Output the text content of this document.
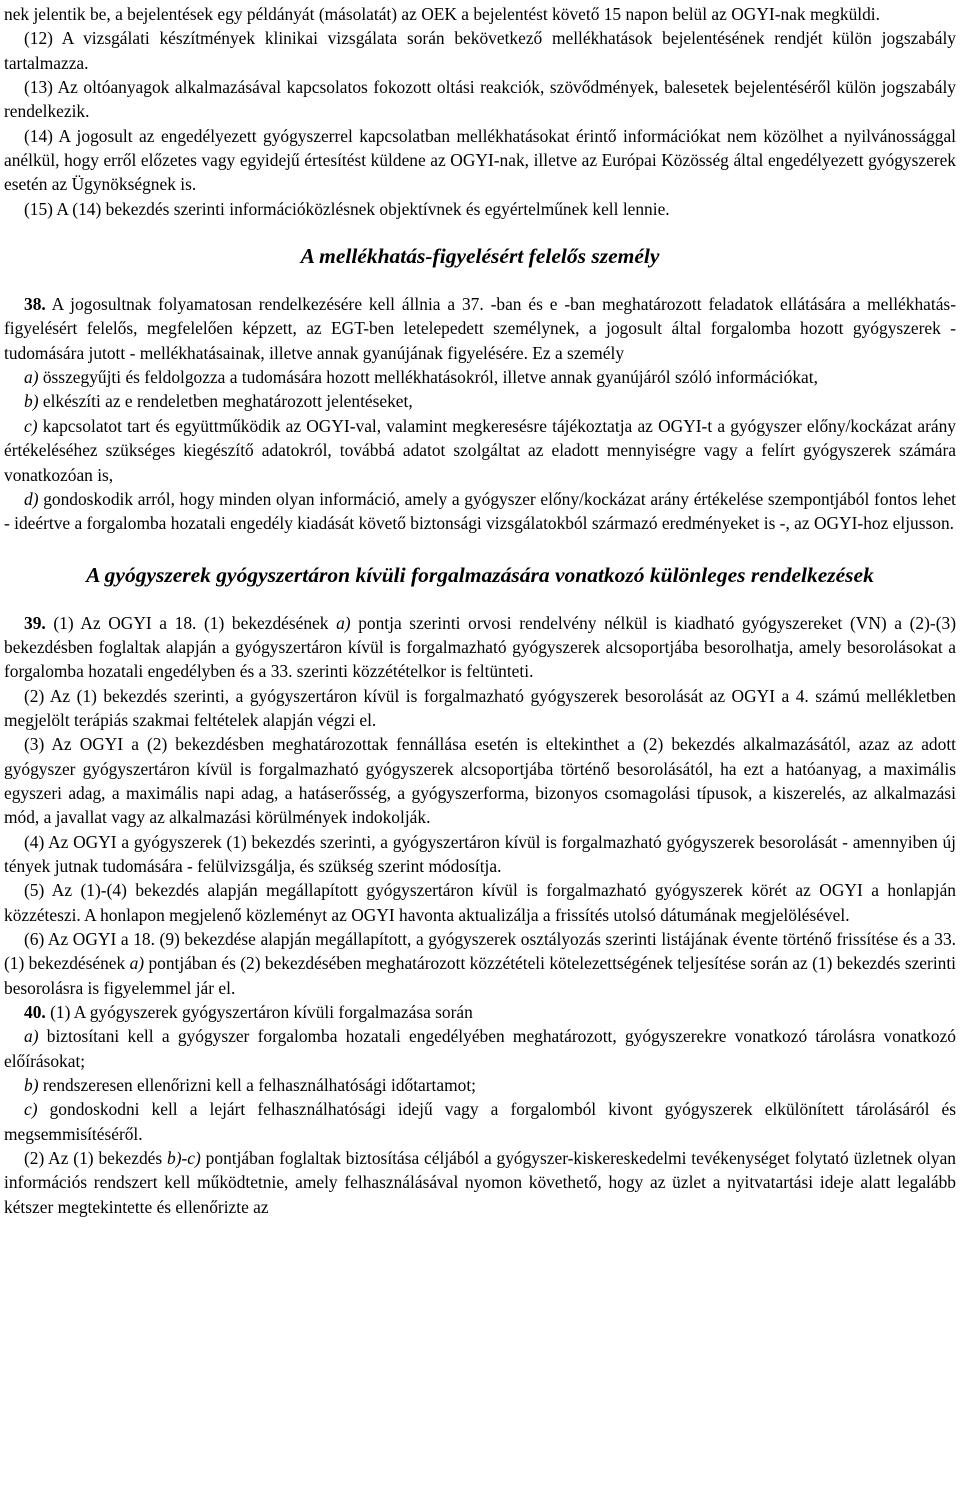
nek jelentik be, a bejelentések egy példányát (másolatát) az OEK a bejelentést követő 15 napon belül az OGYI-nak megküldi.

(12) A vizsgálati készítmények klinikai vizsgálata során bekövetkező mellékhatások bejelentésének rendjét külön jogszabály tartalmazza.

(13) Az oltóanyagok alkalmazásával kapcsolatos fokozott oltási reakciók, szövődmények, balesetek bejelentéséről külön jogszabály rendelkezik.

(14) A jogosult az engedélyezett gyógyszerrel kapcsolatban mellékhatásokat érintő információkat nem közölhet a nyilvánossággal anélkül, hogy erről előzetes vagy egyidejű értesítést küldene az OGYI-nak, illetve az Európai Közösség által engedélyezett gyógyszerek esetén az Ügynökségnek is.

(15) A (14) bekezdés szerinti információközlésnek objektívnek és egyértelműnek kell lennie.

A mellékhatás-figyelésért felelős személy

38. A jogosultnak folyamatosan rendelkezésére kell állnia a 37. -ban és e -ban meghatározott feladatok ellátására a mellékhatás-figyelésért felelős, megfelelően képzett, az EGT-ben letelepedett személynek, a jogosult által forgalomba hozott gyógyszerek - tudomására jutott - mellékhatásainak, illetve annak gyanújának figyelésére. Ez a személy

a) összegyűjti és feldolgozza a tudomására hozott mellékhatásokról, illetve annak gyanújáról szóló információkat,

b) elkészíti az e rendeletben meghatározott jelentéseket,

c) kapcsolatot tart és együttműködik az OGYI-val, valamint megkeresésre tájékoztatja az OGYI-t a gyógyszer előny/kockázat arány értékeléséhez szükséges kiegészítő adatokról, továbbá adatot szolgáltat az eladott mennyiségre vagy a felírt gyógyszerek számára vonatkozóan is,

d) gondoskodik arról, hogy minden olyan információ, amely a gyógyszer előny/kockázat arány értékelése szempontjából fontos lehet - ideértve a forgalomba hozatali engedély kiadását követő biztonsági vizsgálatokból származó eredményeket is -, az OGYI-hoz eljusson.

A gyógyszerek gyógyszertáron kívüli forgalmazására vonatkozó különleges rendelkezések

39. (1) Az OGYI a 18. (1) bekezdésének a) pontja szerinti orvosi rendelvény nélkül is kiadható gyógyszereket (VN) a (2)-(3) bekezdésben foglaltak alapján a gyógyszertáron kívül is forgalmazható gyógyszerek alcsoportjába besorolhatja, amely besorolásokat a forgalomba hozatali engedélyben és a 33. szerinti közzétételkor is feltünteti.

(2) Az (1) bekezdés szerinti, a gyógyszertáron kívül is forgalmazható gyógyszerek besorolását az OGYI a 4. számú mellékletben megjelölt terápiás szakmai feltételek alapján végzi el.

(3) Az OGYI a (2) bekezdésben meghatározottak fennállása esetén is eltekinthet a (2) bekezdés alkalmazásától, azaz az adott gyógyszer gyógyszertáron kívül is forgalmazható gyógyszerek alcsoportjába történő besorolásától, ha ezt a hatóanyag, a maximális egyszeri adag, a maximális napi adag, a hatáserősség, a gyógyszerforma, bizonyos csomagolási típusok, a kiszerelés, az alkalmazási mód, a javallat vagy az alkalmazási körülmények indokolják.

(4) Az OGYI a gyógyszerek (1) bekezdés szerinti, a gyógyszertáron kívül is forgalmazható gyógyszerek besorolását - amennyiben új tények jutnak tudomására - felülvizsgálja, és szükség szerint módosítja.

(5) Az (1)-(4) bekezdés alapján megállapított gyógyszertáron kívül is forgalmazható gyógyszerek körét az OGYI a honlapján közzéteszi. A honlapon megjelenő közleményt az OGYI havonta aktualizálja a frissítés utolsó dátumának megjelölésével.

(6) Az OGYI a 18. (9) bekezdése alapján megállapított, a gyógyszerek osztályozás szerinti listájának évente történő frissítése és a 33. (1) bekezdésének a) pontjában és (2) bekezdésében meghatározott közzétételi kötelezettségének teljesítése során az (1) bekezdés szerinti besorolásra is figyelemmel jár el.

40. (1) A gyógyszerek gyógyszertáron kívüli forgalmazása során

a) biztosítani kell a gyógyszer forgalomba hozatali engedélyében meghatározott, gyógyszerekre vonatkozó tárolásra vonatkozó előírásokat;

b) rendszeresen ellenőrizni kell a felhasználhatósági időtartamot;

c) gondoskodni kell a lejárt felhasználhatósági idejű vagy a forgalomból kivont gyógyszerek elkülönített tárolásáról és megsemmisítéséről.

(2) Az (1) bekezdés b)-c) pontjában foglaltak biztosítása céljából a gyógyszer-kiskereskedelmi tevékenységet folytató üzletnek olyan információs rendszert kell működtetnie, amely felhasználásával nyomon követhető, hogy az üzlet a nyitvatartási ideje alatt legalább kétszer megtekintette és ellenőrizte az
